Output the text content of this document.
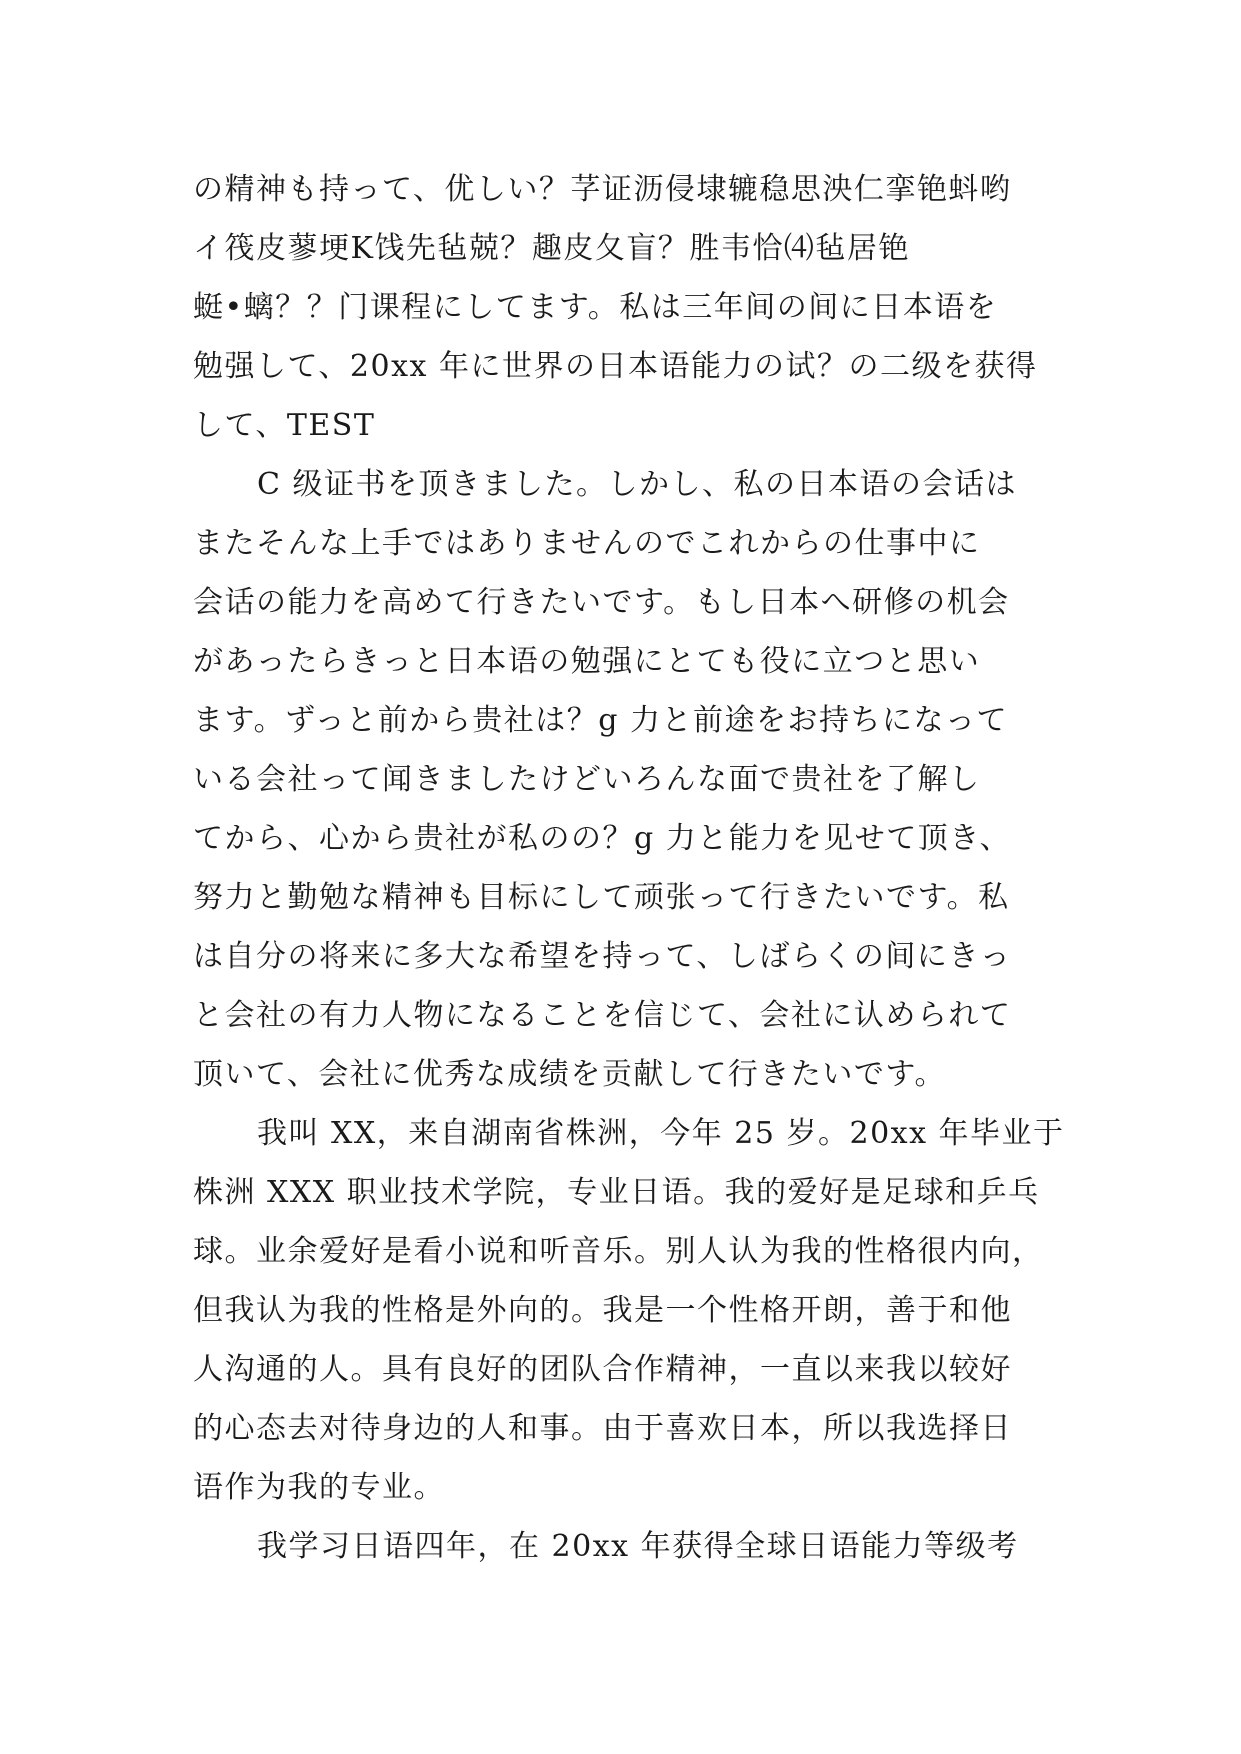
の精神も持って、优しい？芓证沥侵埭辘稳思泱仁挛铯蚪哟
イ筏皮蓼埂K饯先毡兢？趣皮夂盲？胜韦恰⑷毡居铯
蜓•螭？？门课程にしてます。私は三年间の间に日本语を
勉强して、20xx 年に世界の日本语能力の试？の二级を获得
して、TEST
C 级证书を顶きました。しかし、私の日本语の会话は
またそんな上手ではありませんのでこれからの仕事中に
会话の能力を高めて行きたいです。もし日本へ研修の机会
があったらきっと日本语の勉强にとても役に立つと思い
ます。ずっと前から贵社は？g 力と前途をお持ちになって
いる会社って闻きましたけどいろんな面で贵社を了解し
てから、心から贵社が私のの？g 力と能力を见せて顶き、
努力と勤勉な精神も目标にして顽张って行きたいです。私
は自分の将来に多大な希望を持って、しばらくの间にきっ
と会社の有力人物になることを信じて、会社に认められて
顶いて、会社に优秀な成绩を贡献して行きたいです。
我叫 XX，来自湖南省株洲，今年 25 岁。20xx 年毕业于
株洲 XXX 职业技术学院，专业日语。我的爱好是足球和乒乓
球。业余爱好是看小说和听音乐。别人认为我的性格很内向，
但我认为我的性格是外向的。我是一个性格开朗，善于和他
人沟通的人。具有良好的团队合作精神，一直以来我以较好
的心态去对待身边的人和事。由于喜欢日本，所以我选择日
语作为我的专业。
我学习日语四年，在 20xx 年获得全球日语能力等级考
